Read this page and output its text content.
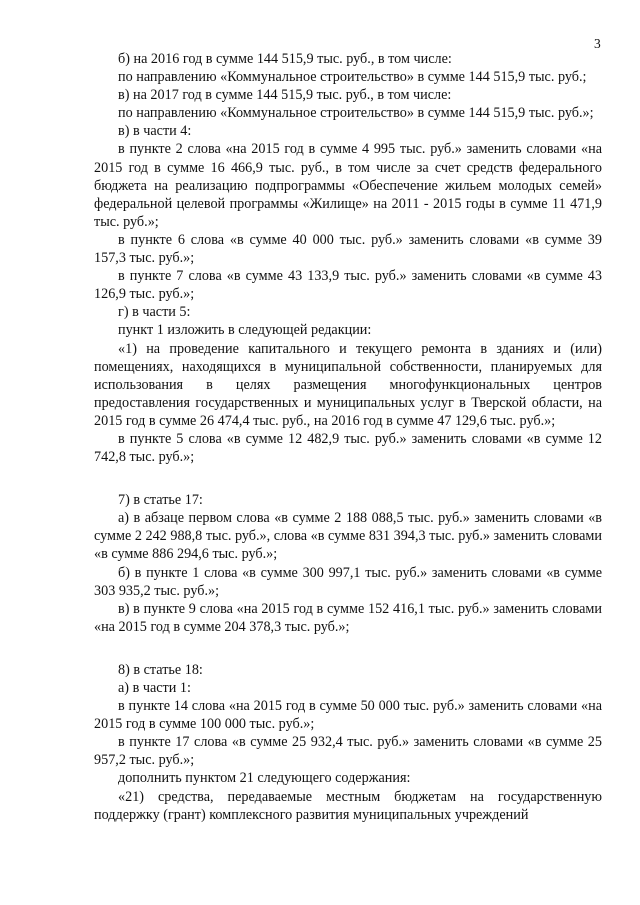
3

б) на 2016 год в сумме 144 515,9 тыс. руб., в том числе:

по направлению «Коммунальное строительство» в сумме 144 515,9 тыс. руб.;

в) на 2017 год в сумме 144 515,9 тыс. руб., в том числе:

по направлению «Коммунальное строительство» в сумме 144 515,9 тыс. руб.»;

в) в части 4:

в пункте 2 слова «на 2015 год в сумме 4 995 тыс. руб.» заменить словами «на 2015 год в сумме 16 466,9 тыс. руб., в том числе за счет средств федерального бюджета на реализацию подпрограммы «Обеспечение жильем молодых семей» федеральной целевой программы «Жилище» на 2011 - 2015 годы в сумме 11 471,9 тыс. руб.»;

в пункте 6 слова «в сумме 40 000 тыс. руб.» заменить словами «в сумме 39 157,3 тыс. руб.»;

в пункте 7 слова «в сумме 43 133,9 тыс. руб.» заменить словами «в сумме 43 126,9 тыс. руб.»;

г) в части 5:

пункт 1 изложить в следующей редакции:

«1) на проведение капитального и текущего ремонта в зданиях и (или) помещениях, находящихся в муниципальной собственности, планируемых для использования в целях размещения многофункциональных центров предоставления государственных и муниципальных услуг в Тверской области, на 2015 год в сумме 26 474,4 тыс. руб., на 2016 год в сумме 47 129,6 тыс. руб.»;

в пункте 5 слова «в сумме 12 482,9 тыс. руб.» заменить словами «в сумме 12 742,8 тыс. руб.»;

7) в статье 17:

а) в абзаце первом слова «в сумме 2 188 088,5 тыс. руб.» заменить словами «в сумме 2 242 988,8 тыс. руб.», слова «в сумме 831 394,3 тыс. руб.» заменить словами «в сумме 886 294,6 тыс. руб.»;

б) в пункте 1 слова «в сумме 300 997,1 тыс. руб.» заменить словами «в сумме 303 935,2 тыс. руб.»;

в) в пункте 9 слова «на 2015 год в сумме 152 416,1 тыс. руб.» заменить словами «на 2015 год в сумме 204 378,3 тыс. руб.»;

8) в статье 18:

а) в части 1:

в пункте 14 слова «на 2015 год в сумме 50 000 тыс. руб.» заменить словами «на 2015 год в сумме 100 000 тыс. руб.»;

в пункте 17 слова «в сумме 25 932,4 тыс. руб.» заменить словами «в сумме 25 957,2 тыс. руб.»;

дополнить пунктом 21 следующего содержания:

«21) средства, передаваемые местным бюджетам на государственную поддержку (грант) комплексного развития муниципальных учреждений
